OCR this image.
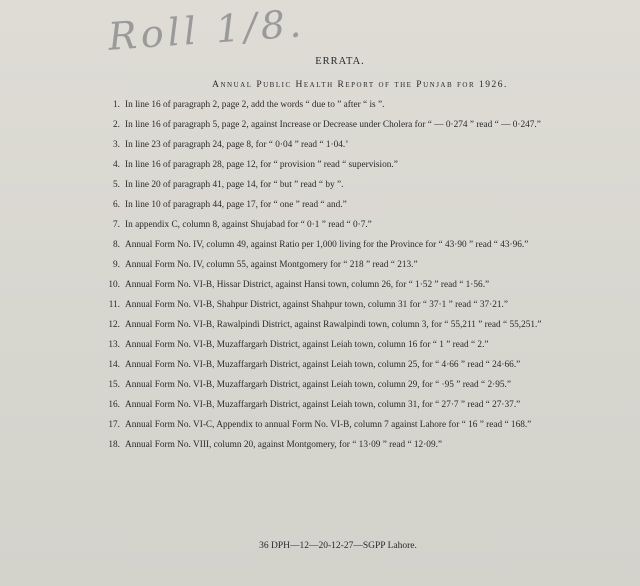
Roll 1/8.
ERRATA.
Annual Public Health Report of the Punjab for 1926.
1. In line 16 of paragraph 2, page 2, add the words “ due to ” after “ is ”.
2. In line 16 of paragraph 5, page 2, against Increase or Decrease under Cholera for “ — 0·274 ” read “ — 0·247.”
3. In line 23 of paragraph 24, page 8, for “ 0·04 ” read “ 1·04.’
4. In line 16 of paragraph 28, page 12, for “ provision ” read “ supervision.”
5. In line 20 of paragraph 41, page 14, for “ but ” read “ by ”.
6. In line 10 of paragraph 44, page 17, for “ one ” read “ and.”
7. In appendix C, column 8, against Shujabad for “ 0·1 ” read “ 0·7.”
8. Annual Form No. IV, column 49, against Ratio per 1,000 living for the Province for “ 43·90 ” read “ 43·96.”
9. Annual Form No. IV, column 55, against Montgomery for “ 218 ” read “ 213.”
10. Annual Form No. VI-B, Hissar District, against Hansi town, column 26, for “ 1·52 ” read “ 1·56.”
11. Annual Form No. VI-B, Shahpur District, against Shahpur town, column 31 for “ 37·1 ” read “ 37·21.”
12. Annual Form No. VI-B, Rawalpindi District, against Rawalpindi town, column 3, for “ 55,211 ” read “ 55,251.”
13. Annual Form No. VI-B, Muzaffargarh District, against Leiah town, column 16 for “ 1 ” read “ 2.”
14. Annual Form No. VI-B, Muzaffargarh District, against Leiah town, column 25, for “ 4·66 ” read “ 24·66.”
15. Annual Form No. VI-B, Muzaffargarh District, against Leiah town, column 29, for “ ·95 ” read “ 2·95.”
16. Annual Form No. VI-B, Muzaffargarh District, against Leiah town, column 31, for “ 27·7 ” read “ 27·37.”
17. Annual Form No. VI-C, Appendix to annual Form No. VI-B, column 7 against Lahore for “ 16 ” read “ 168.”
18. Annual Form No. VIII, column 20, against Montgomery, for “ 13·09 ” read “ 12·09.”
36 DPH—12—20-12-27—SGPP Lahore.
